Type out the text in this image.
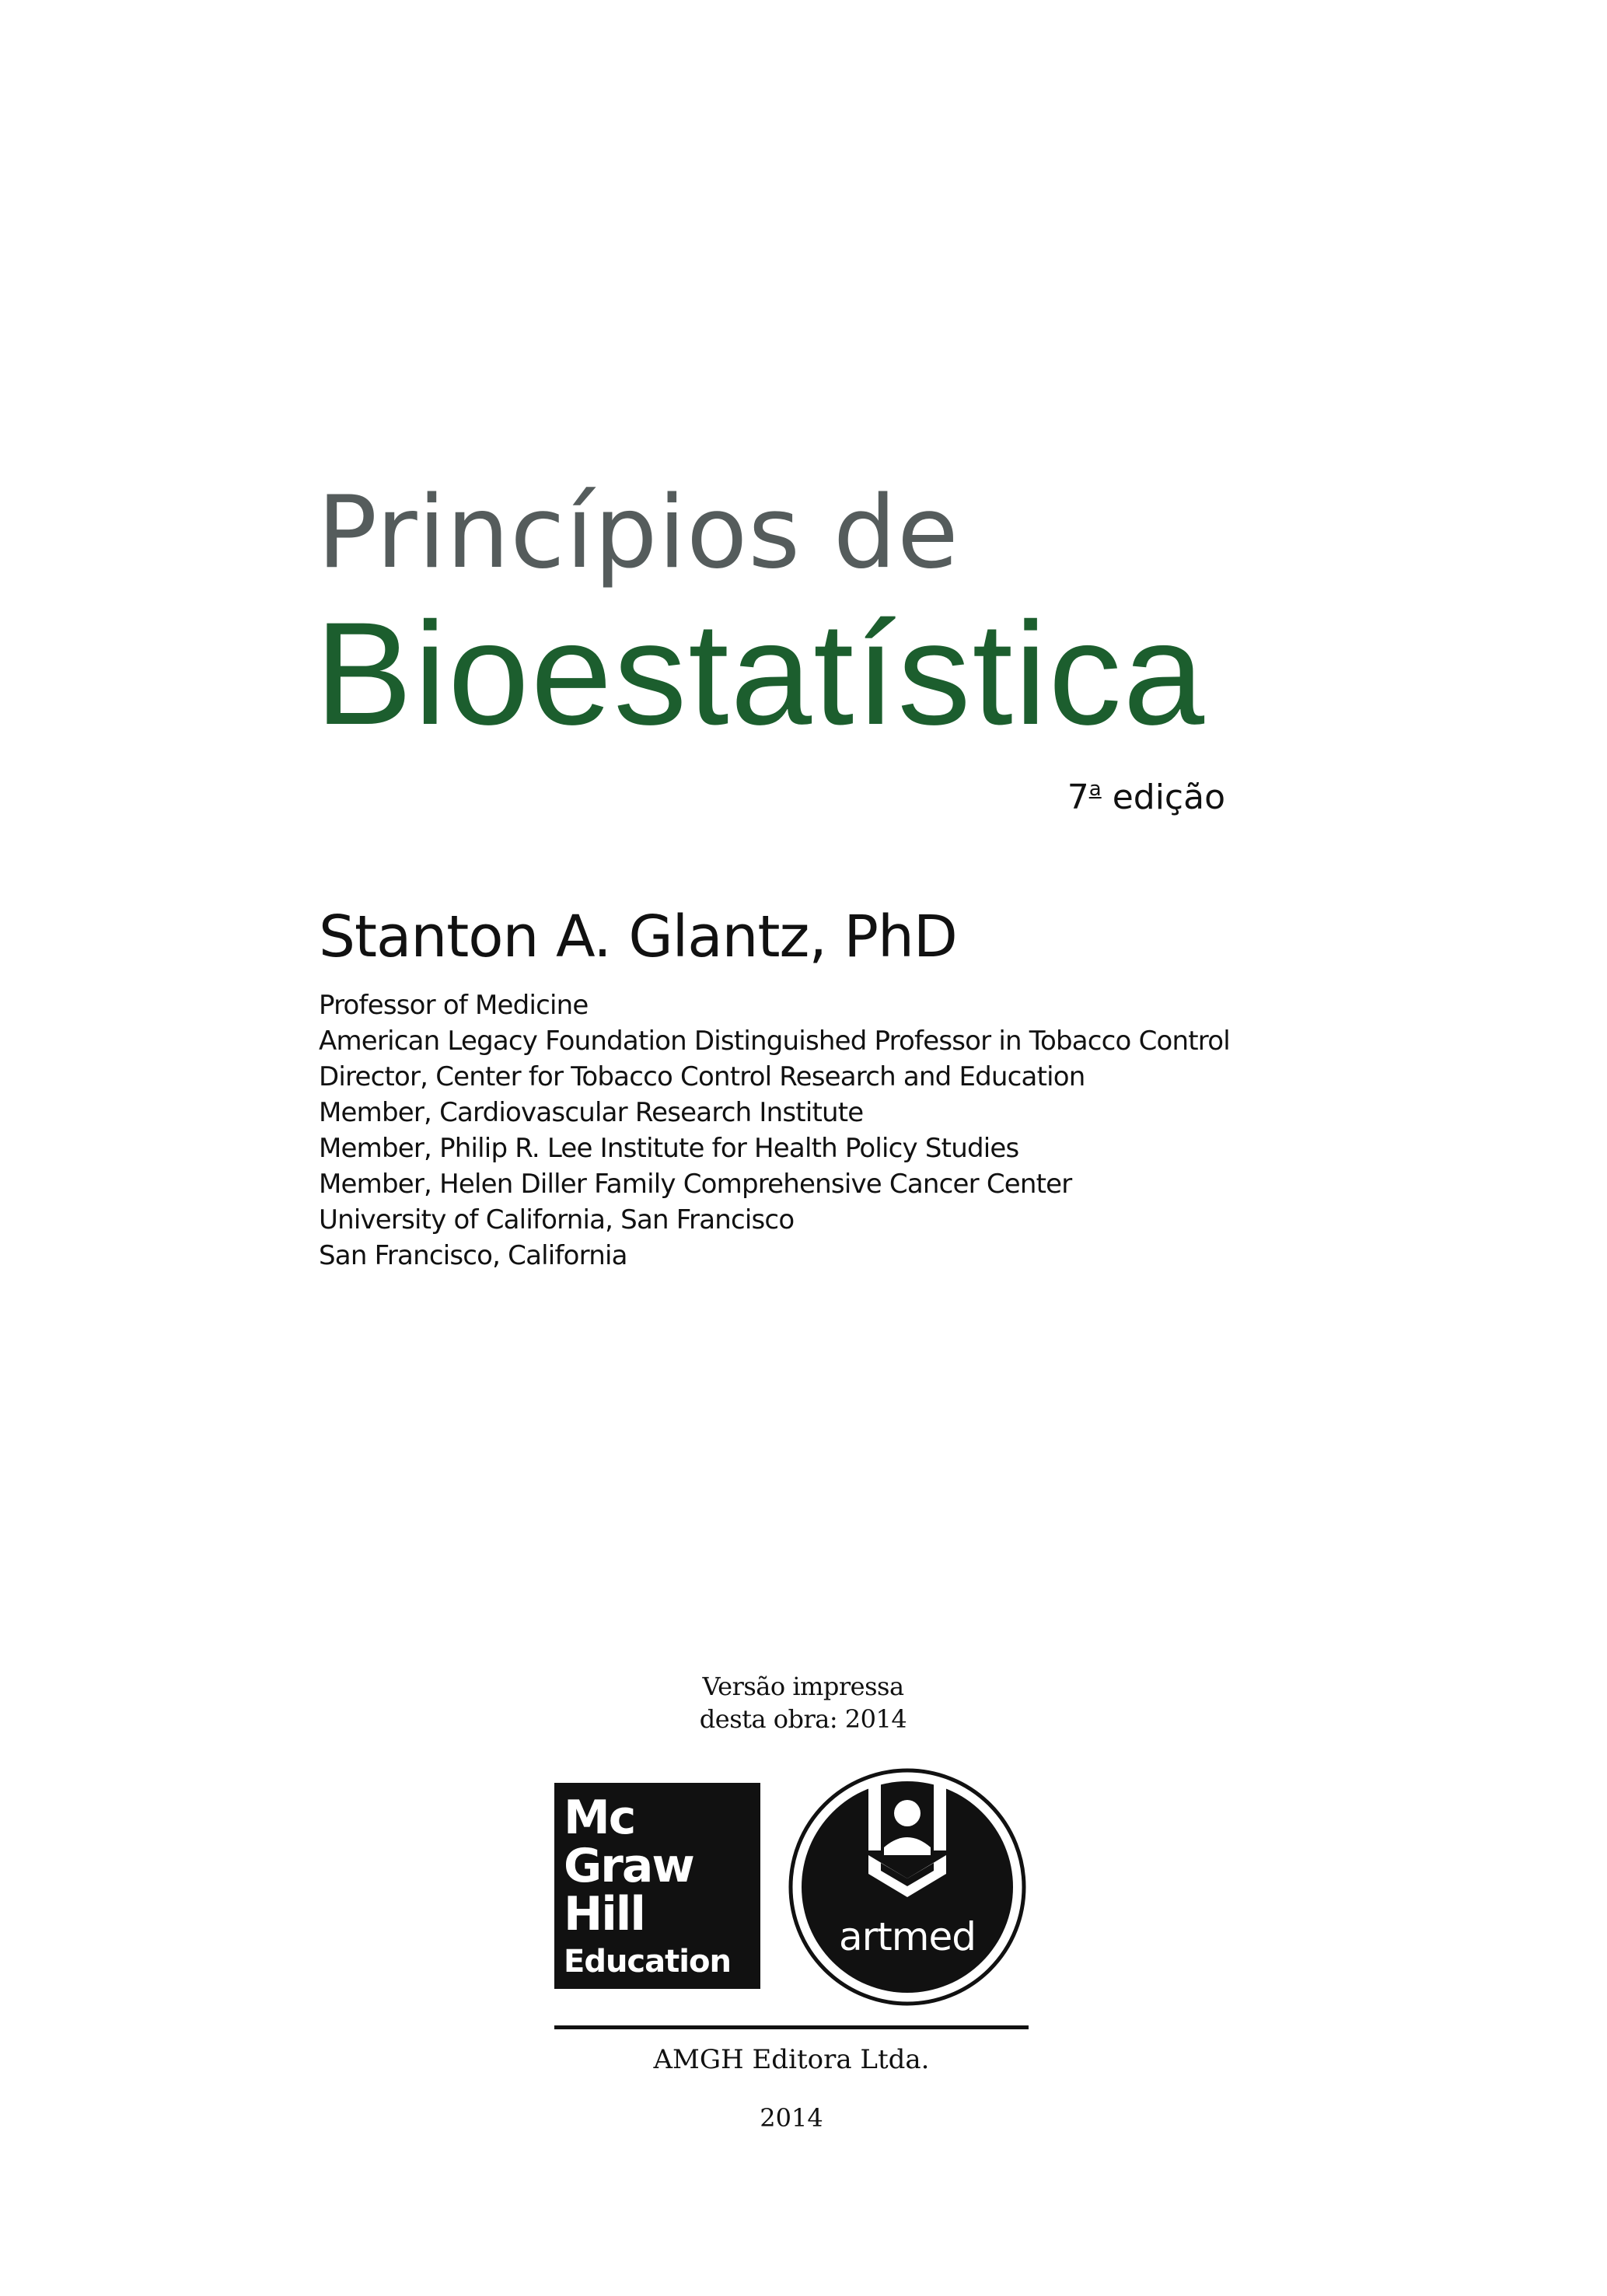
Princípios de
Bioestatística
7$^a$ edição
Stanton A. Glantz, PhD
Professor of Medicine
American Legacy Foundation Distinguished Professor in Tobacco Control
Director, Center for Tobacco Control Research and Education
Member, Cardiovascular Research Institute
Member, Philip R. Lee Institute for Health Policy Studies
Member, Helen Diller Family Comprehensive Cancer Center
University of California, San Francisco
San Francisco, California
Versão impressa
desta obra: 2014
Mc
Graw
Hill
Education
artmed
AMGH Editora Ltda.
2014
